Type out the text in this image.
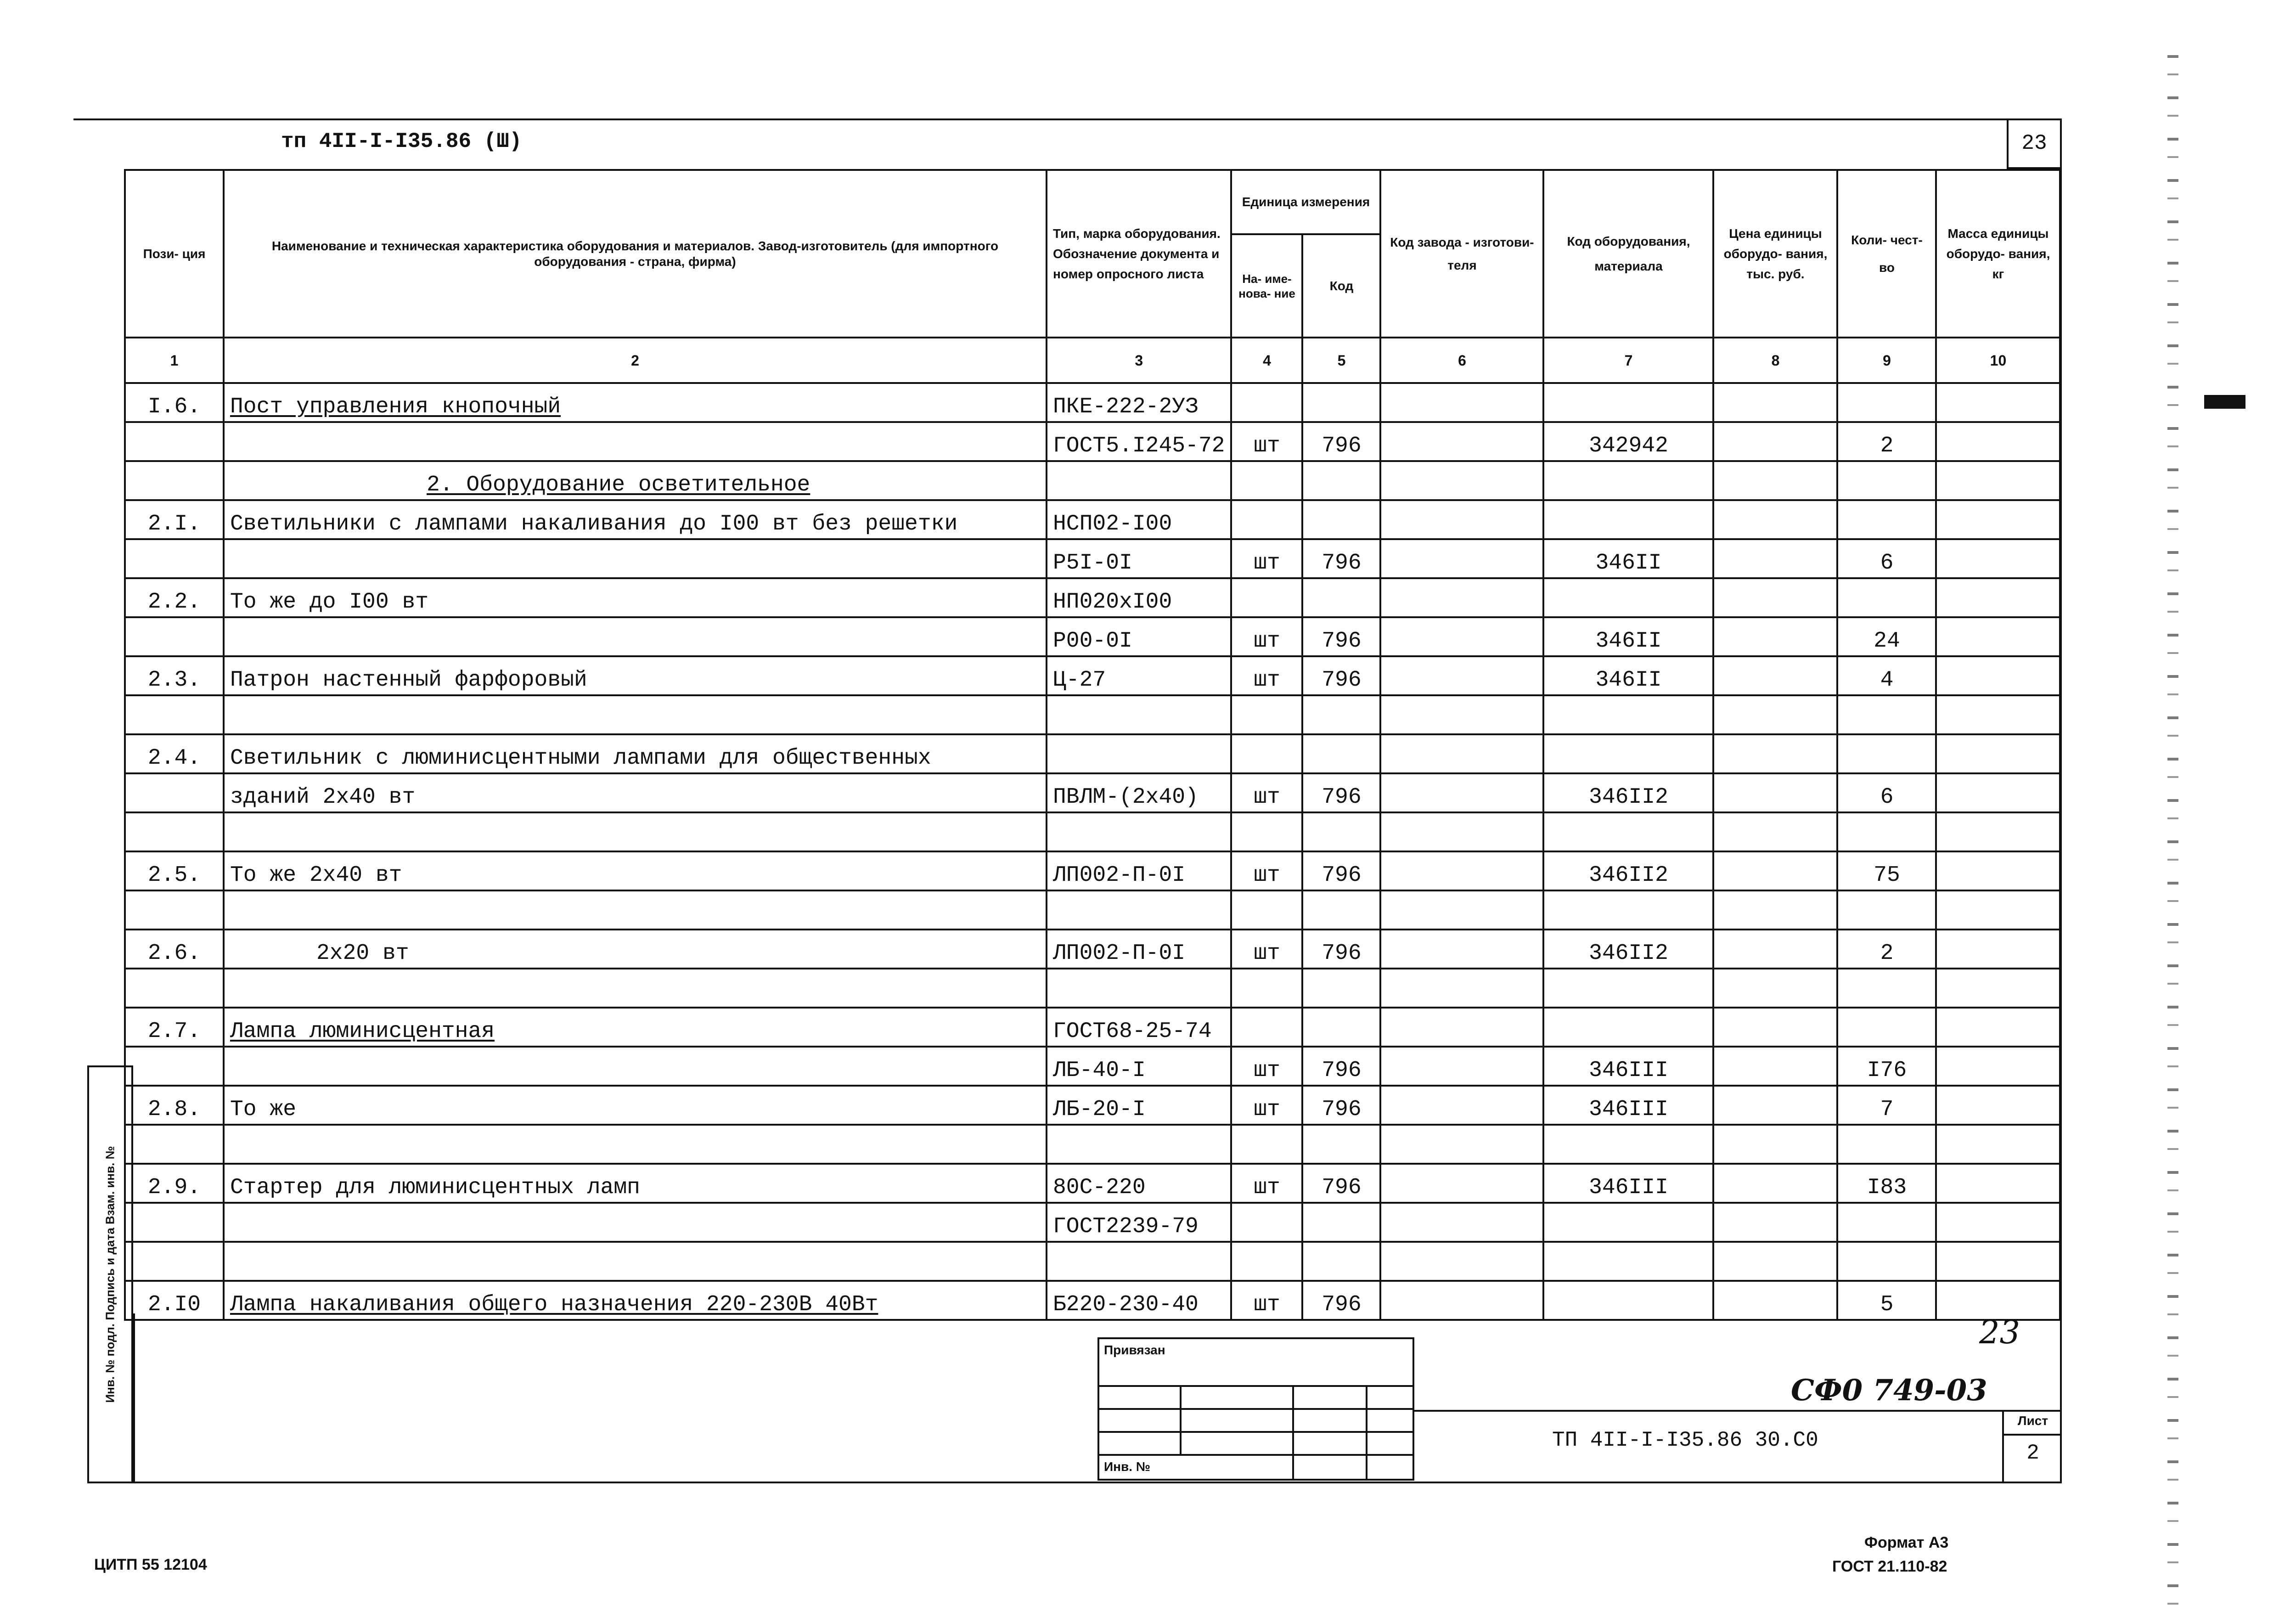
тп 4II-I-I35.86 (Ш)	23
Пози- ция	Наименование и техническая характеристика оборудования и материалов. Завод-изготовитель (для импортного оборудования - страна, фирма)	Тип, марка оборудования. Обозначение документа и номер опросного листа	Единица измерения		Код завода - изготови- теля	Код оборудования, материала	Цена единицы оборудо- вания, тыс. руб.	Коли- чест- во	Масса единицы оборудо- вания, кг
			На- име- нова- ние	Код					
1	2	3	4	5	6	7	8	9	10
I.6.	Пост управления кнопочный	ПКЕ-222-2УЗ							
		ГОСТ5.I245-72	шт	796		342942		2	
	2. Оборудование осветительное								
2.I.	Светильники с лампами накаливания до I00 вт без решетки	НСП02-I00							
		Р5I-0I	шт	796		346II		6	
2.2.	То же до I00 вт	НП020хI00							
		Р00-0I	шт	796		346II		24	
2.3.	Патрон настенный фарфоровый	Ц-27	шт	796		346II		4	

2.4.	Светильник с люминисцентными лампами для общественных								
	зданий 2х40 вт	ПВЛМ-(2х40)	шт	796		346II2		6	

2.5.	То же 2х40 вт	ЛП002-П-0I	шт	796		346II2		75	

2.6.	2х20 вт	ЛП002-П-0I	шт	796		346II2		2	

2.7.	Лампа люминисцентная	ГОСТ68-25-74							
		ЛБ-40-I	шт	796		346III		I76	
2.8.	То же	ЛБ-20-I	шт	796		346III		7	

2.9.	Стартер для люминисцентных ламп	80С-220	шт	796		346III		I83	
		ГОСТ2239-79							

2.I0	Лампа накаливания общего назначения 220-230В 40Вт	Б220-230-40	шт	796				5	
Инв. № подл. Подпись и дата Взам. инв. №	Привязан
Инв. №
23
СФ0 749-03
ТП 4II-I-I35.86 30.С0
Лист
2
Формат А3
ГОСТ 21.110-82
ЦИТП 55 12104
